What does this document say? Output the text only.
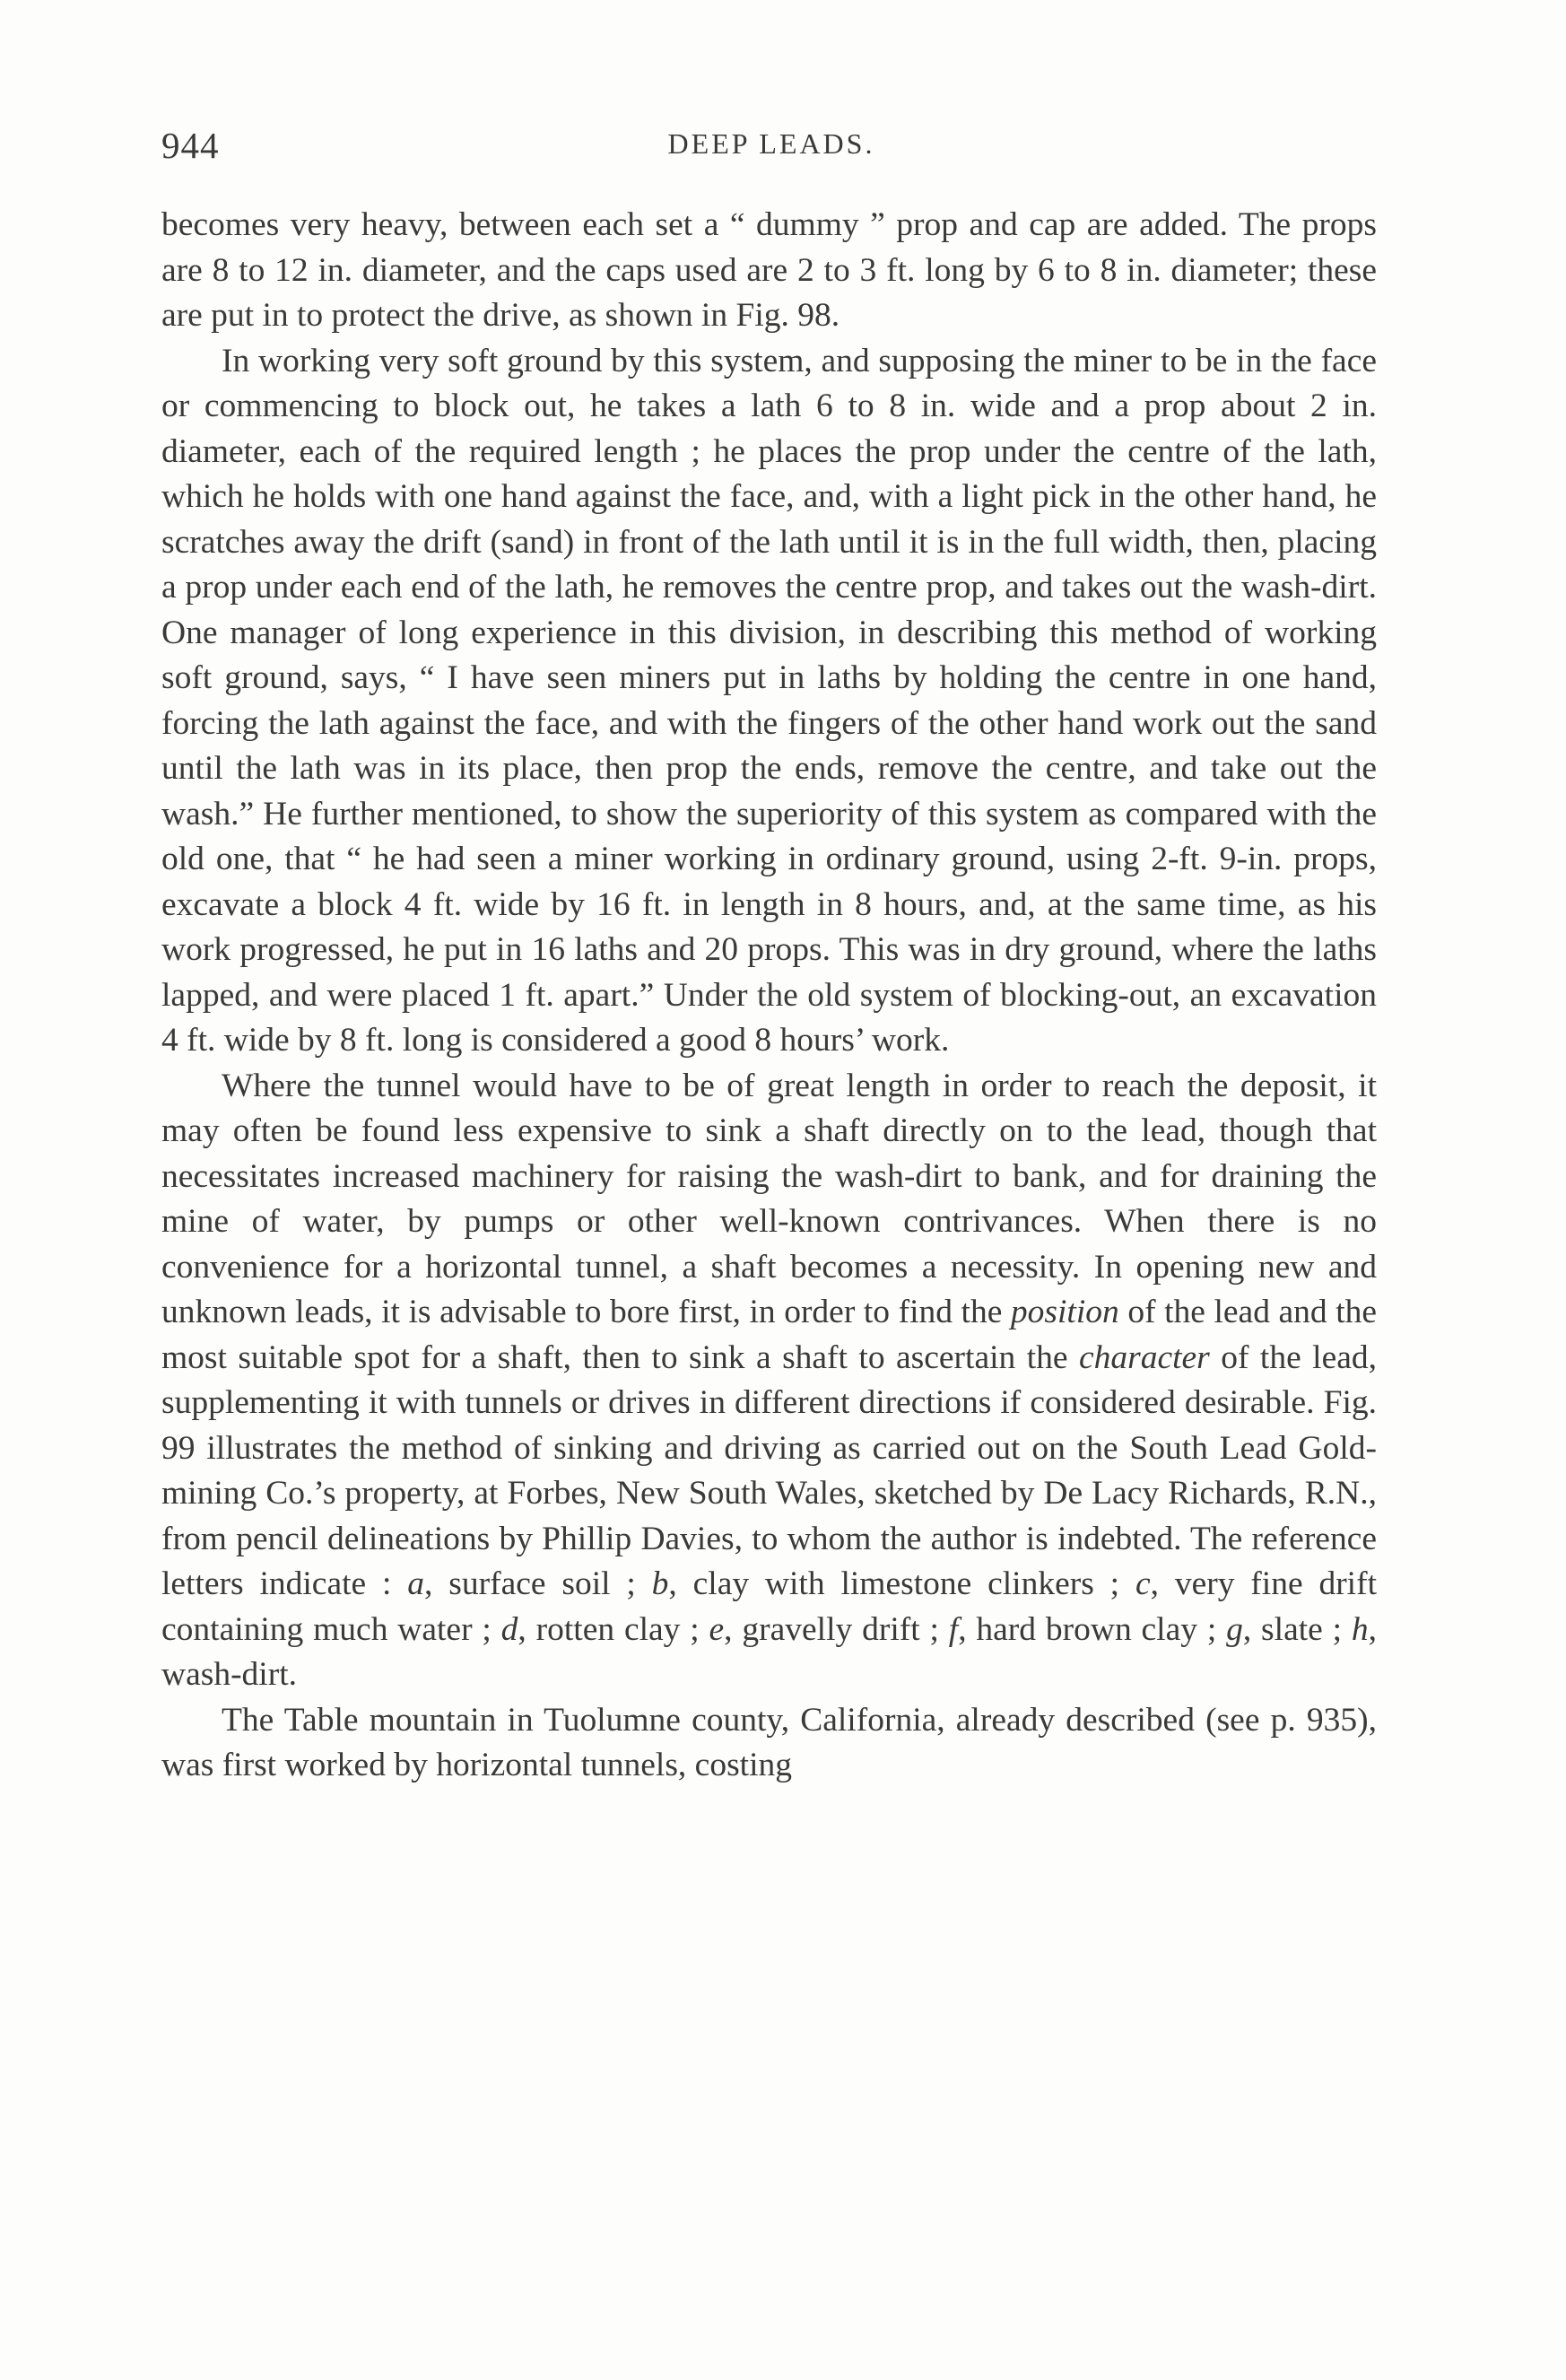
944	DEEP LEADS.

becomes very heavy, between each set a “ dummy ” prop and cap are added. The props are 8 to 12 in. diameter, and the caps used are 2 to 3 ft. long by 6 to 8 in. diameter; these are put in to protect the drive, as shown in Fig. 98.

In working very soft ground by this system, and supposing the miner to be in the face or commencing to block out, he takes a lath 6 to 8 in. wide and a prop about 2 in. diameter, each of the required length ; he places the prop under the centre of the lath, which he holds with one hand against the face, and, with a light pick in the other hand, he scratches away the drift (sand) in front of the lath until it is in the full width, then, placing a prop under each end of the lath, he removes the centre prop, and takes out the wash-dirt. One manager of long experience in this division, in describing this method of working soft ground, says, “ I have seen miners put in laths by holding the centre in one hand, forcing the lath against the face, and with the fingers of the other hand work out the sand until the lath was in its place, then prop the ends, remove the centre, and take out the wash.” He further mentioned, to show the superiority of this system as compared with the old one, that “ he had seen a miner working in ordinary ground, using 2-ft. 9-in. props, excavate a block 4 ft. wide by 16 ft. in length in 8 hours, and, at the same time, as his work progressed, he put in 16 laths and 20 props. This was in dry ground, where the laths lapped, and were placed 1 ft. apart.” Under the old system of blocking-out, an excavation 4 ft. wide by 8 ft. long is considered a good 8 hours’ work.

Where the tunnel would have to be of great length in order to reach the deposit, it may often be found less expensive to sink a shaft directly on to the lead, though that necessitates increased machinery for raising the wash-dirt to bank, and for draining the mine of water, by pumps or other well-known contrivances. When there is no convenience for a horizontal tunnel, a shaft becomes a necessity. In opening new and unknown leads, it is advisable to bore first, in order to find the position of the lead and the most suitable spot for a shaft, then to sink a shaft to ascertain the character of the lead, supplementing it with tunnels or drives in different directions if considered desirable. Fig. 99 illustrates the method of sinking and driving as carried out on the South Lead Gold-mining Co.’s property, at Forbes, New South Wales, sketched by De Lacy Richards, R.N., from pencil delineations by Phillip Davies, to whom the author is indebted. The reference letters indicate : a, surface soil ; b, clay with limestone clinkers ; c, very fine drift containing much water ; d, rotten clay ; e, gravelly drift ; f, hard brown clay ; g, slate ; h, wash-dirt.

The Table mountain in Tuolumne county, California, already described (see p. 935), was first worked by horizontal tunnels, costing
